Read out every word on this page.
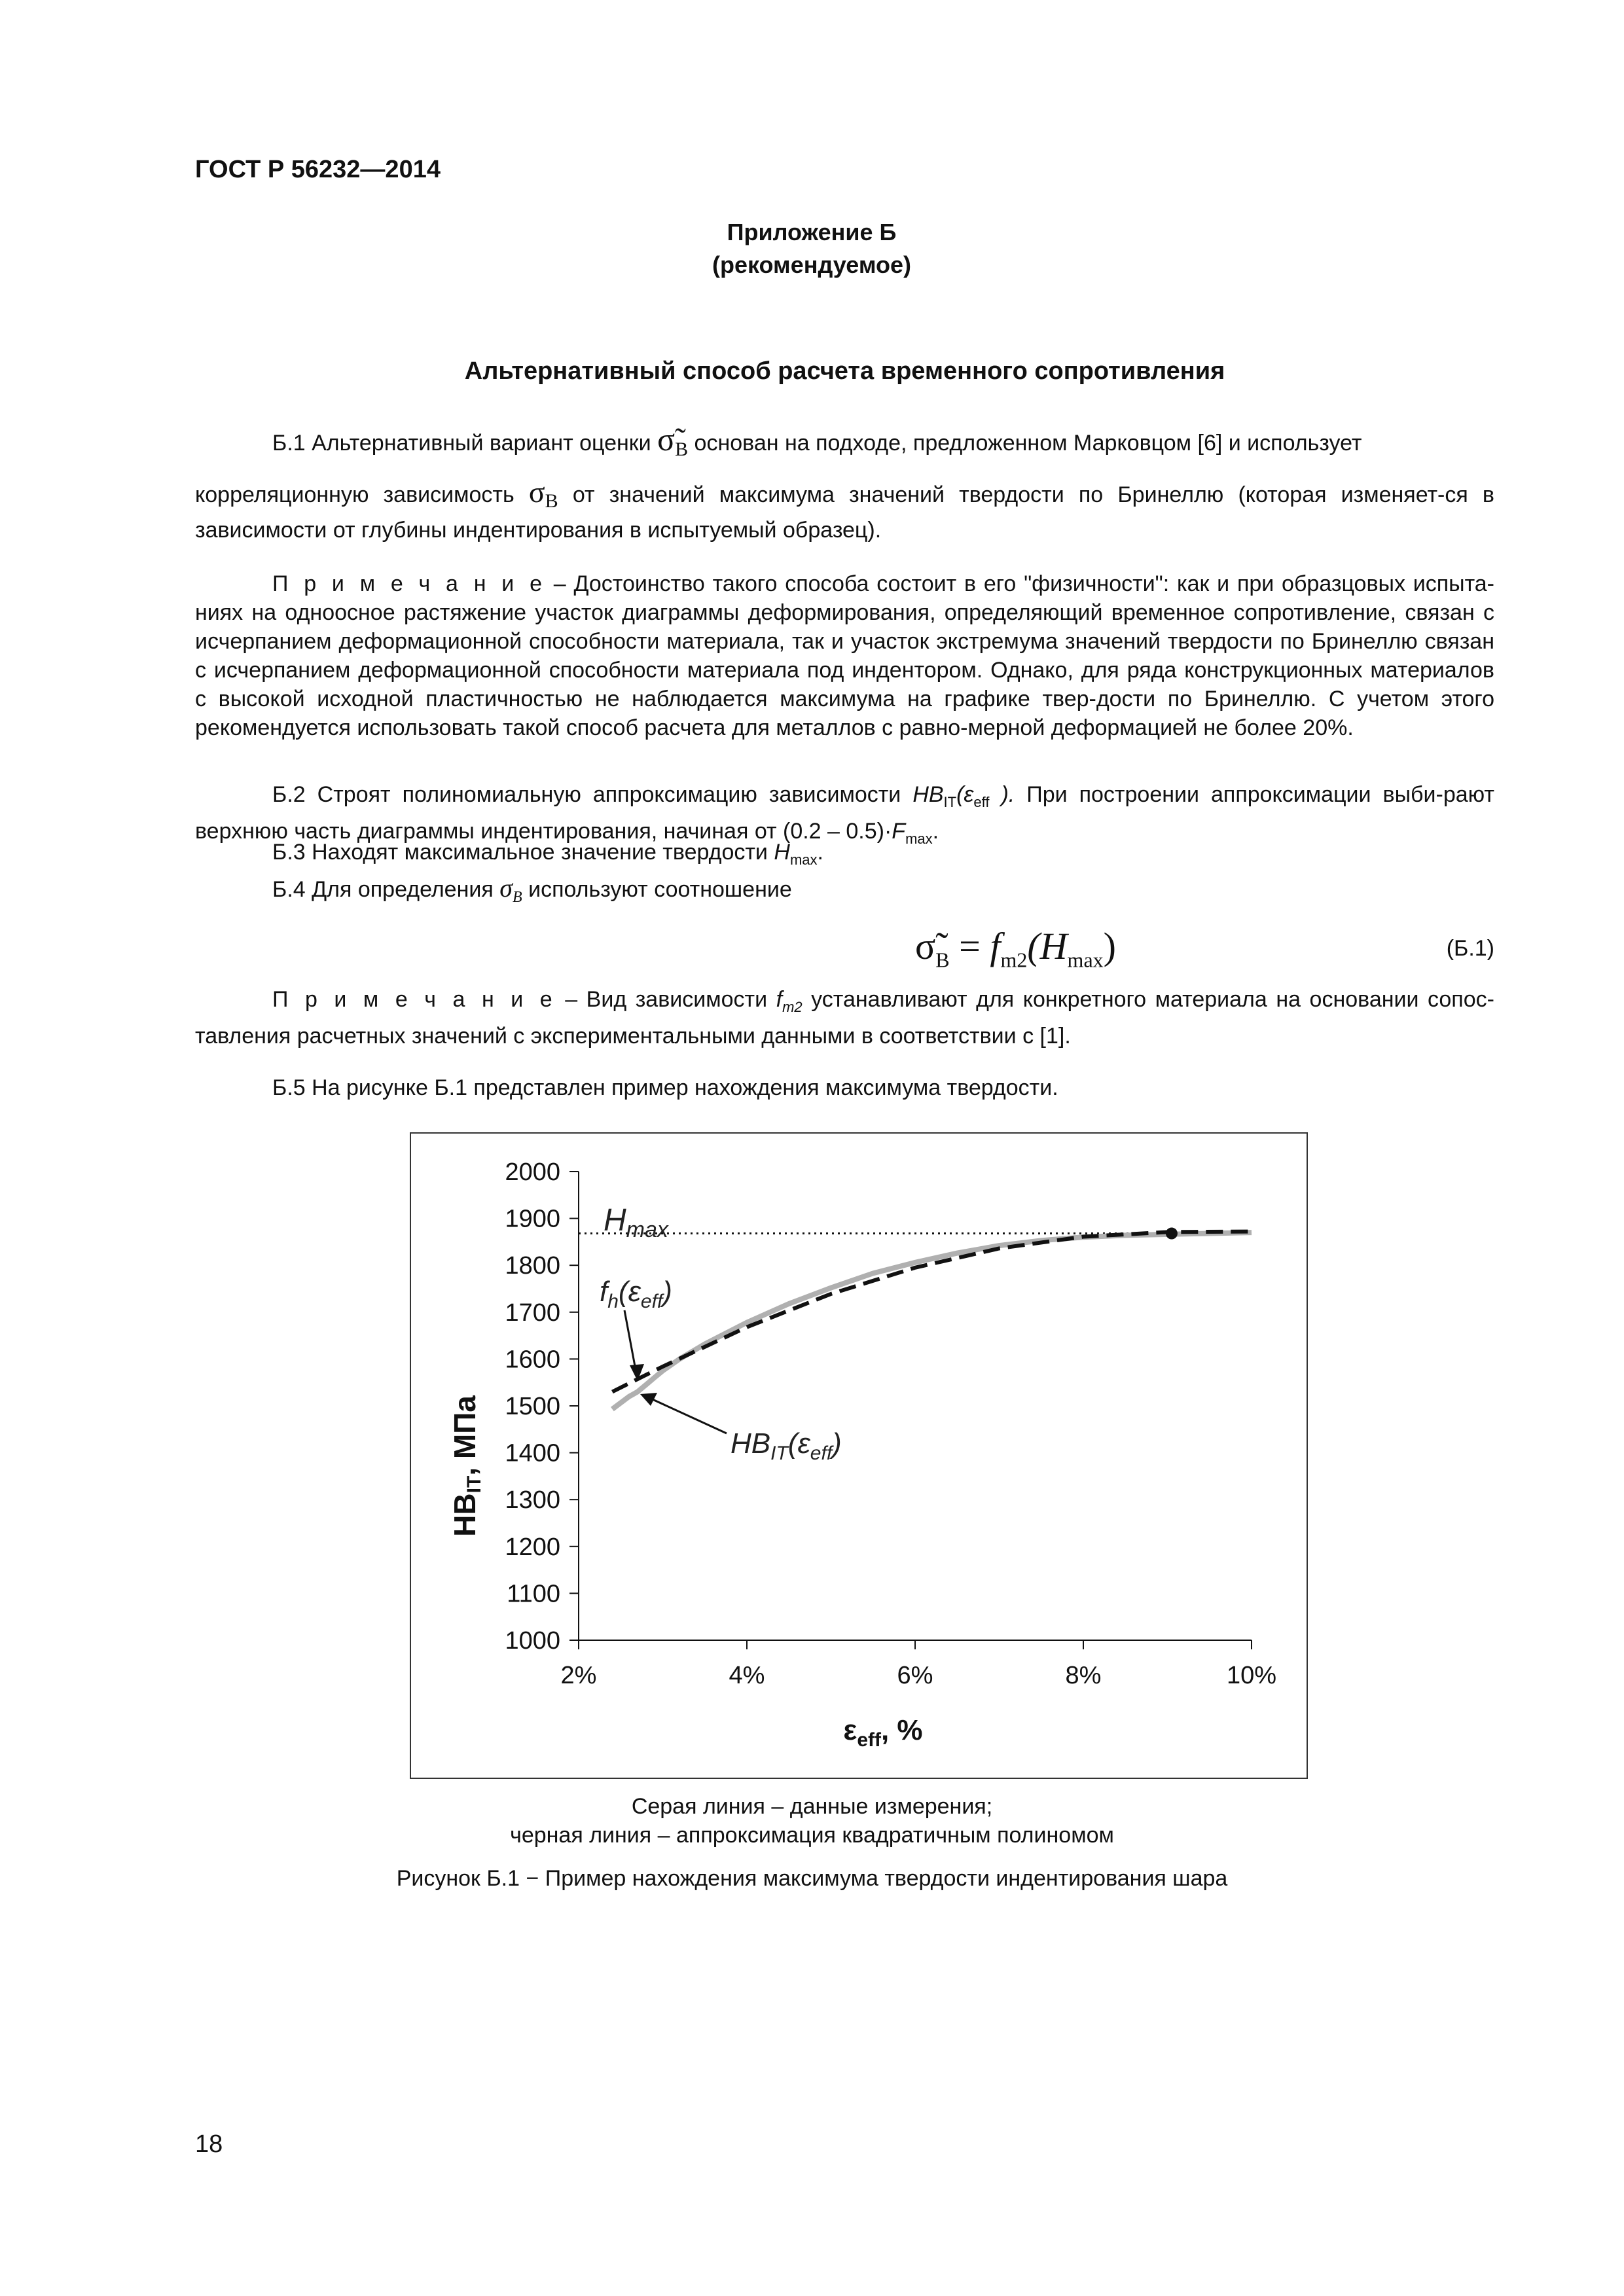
ГОСТ Р 56232—2014
Приложение Б
(рекомендуемое)
Альтернативный способ расчета временного сопротивления
Б.1 Альтернативный вариант оценки $\sigmã_B$ основан на подходе, предложенном Марковцом [6] и использует
корреляционную зависимость $\sigma_B$ от значений максимума значений твердости по Бринеллю (которая изменяет-ся в зависимости от глубины индентирования в испытуемый образец).
П р и м е ч а н и е – Достоинство такого способа состоит в его "физичности": как и при образцовых испыта-ниях на одноосное растяжение участок диаграммы деформирования, определяющий временное сопротивление, связан с исчерпанием деформационной способности материала, так и участок экстремума значений твердости по Бринеллю связан с исчерпанием деформационной способности материала под индентором. Однако, для ряда конструкционных материалов с высокой исходной пластичностью не наблюдается максимума на графике твер-дости по Бринеллю. С учетом этого рекомендуется использовать такой способ расчета для металлов с равно-мерной деформацией не более 20%.
Б.2 Строят полиномиальную аппроксимацию зависимости $HB_{IT}(\varepsilon_{eff}$ ). При построении аппроксимации выби-рают верхнюю часть диаграммы индентирования, начиная от $(0.2 - 0.5)\cdot F_{max}$.
Б.3 Находят максимальное значение твердости $H_{max}$.
Б.4 Для определения $\sigma_B$ используют соотношение
$\sigmã_B = f_{m2}(H_{max})$	(Б.1)
П р и м е ч а н и е – Вид зависимости $f_{m2}$ устанавливают для конкретного материала на основании сопос-тавления расчетных значений с экспериментальными данными в соответствии с [1].
Б.5 На рисунке Б.1 представлен пример нахождения максимума твердости.
1000
1100
1200
1300
1400
1500
1600
1700
1800
1900
2000
2%	4%	6%	8%	10%
$H_{max}$
$f_h(\varepsilon_{eff})$
$HB_{IT}(\varepsilon_{eff})$
HBIT, МПа
$\varepsilon_{eff}$, %
Серая линия – данные измерения;
черная линия – аппроксимация квадратичным полиномом
Рисунок Б.1 − Пример нахождения максимума твердости индентирования шара
18
